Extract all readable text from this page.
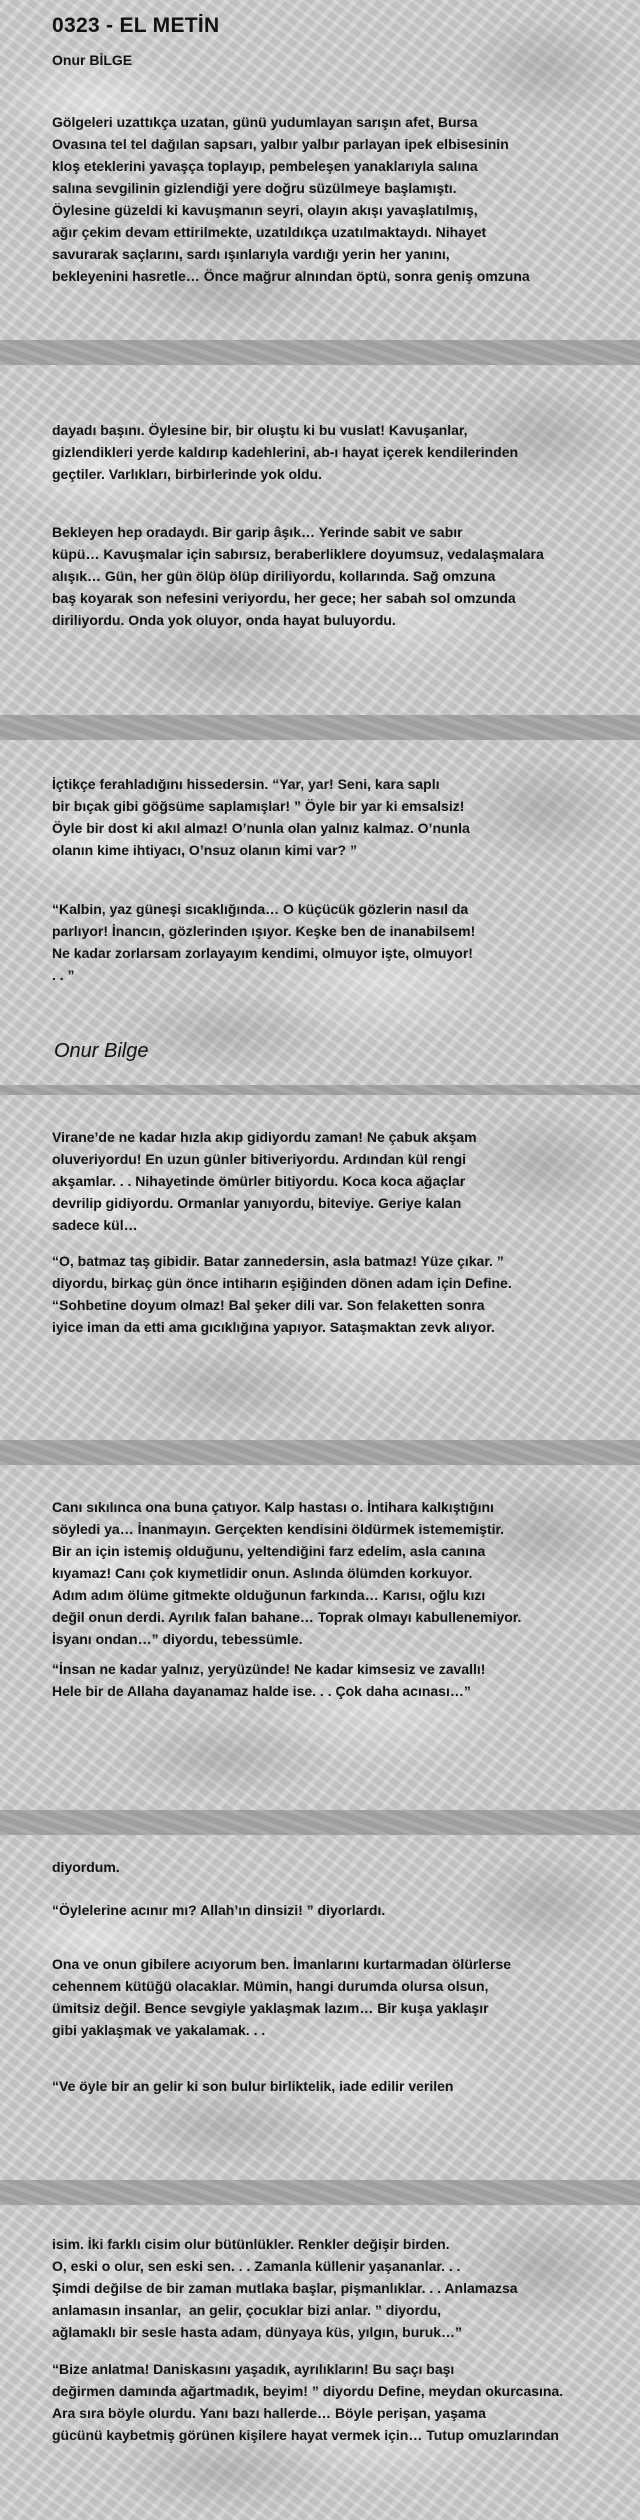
0323 - EL METİN
Onur BİLGE

Gölgeleri uzattıkça uzatan, günü yudumlayan sarışın afet, Bursa
Ovasına tel tel dağılan sapsarı, yalbır yalbır parlayan ipek elbisesinin
kloş eteklerini yavaşça toplayıp, pembeleşen yanaklarıyla salına
salına sevgilinin gizlendiği yere doğru süzülmeye başlamıştı.
Öylesine güzeldi ki kavuşmanın seyri, olayın akışı yavaşlatılmış,
ağır çekim devam ettirilmekte, uzatıldıkça uzatılmaktaydı. Nihayet
savurarak saçlarını, sardı ışınlarıyla vardığı yerin her yanını,
bekleyenini hasretle… Önce mağrur alnından öptü, sonra geniş omzuna

dayadı başını. Öylesine bir, bir oluştu ki bu vuslat! Kavuşanlar,
gizlendikleri yerde kaldırıp kadehlerini, ab-ı hayat içerek kendilerinden
geçtiler. Varlıkları, birbirlerinde yok oldu.

Bekleyen hep oradaydı. Bir garip âşık… Yerinde sabit ve sabır
küpü… Kavuşmalar için sabırsız, beraberliklere doyumsuz, vedalaşmalara
alışık… Gün, her gün ölüp ölüp diriliyordu, kollarında. Sağ omzuna
baş koyarak son nefesini veriyordu, her gece; her sabah sol omzunda
diriliyordu. Onda yok oluyor, onda hayat buluyordu.

İçtikçe ferahladığını hissedersin. “Yar, yar! Seni, kara saplı
bir bıçak gibi göğsüme saplamışlar! ” Öyle bir yar ki emsalsiz!
Öyle bir dost ki akıl almaz! O’nunla olan yalnız kalmaz. O’nunla
olanın kime ihtiyacı, O’nsuz olanın kimi var? ”

“Kalbin, yaz güneşi sıcaklığında… O küçücük gözlerin nasıl da
parlıyor! İnancın, gözlerinden ışıyor. Keşke ben de inanabilsem!
Ne kadar zorlarsam zorlayayım kendimi, olmuyor işte, olmuyor!
. . ”

Onur Bilge

Virane’de ne kadar hızla akıp gidiyordu zaman! Ne çabuk akşam
oluveriyordu! En uzun günler bitiveriyordu. Ardından kül rengi
akşamlar. . . Nihayetinde ömürler bitiyordu. Koca koca ağaçlar
devrilip gidiyordu. Ormanlar yanıyordu, biteviye. Geriye kalan
sadece kül…

“O, batmaz taş gibidir. Batar zannedersin, asla batmaz! Yüze çıkar. ”
diyordu, birkaç gün önce intiharın eşiğinden dönen adam için Define.
“Sohbetine doyum olmaz! Bal şeker dili var. Son felaketten sonra
iyice iman da etti ama gıcıklığına yapıyor. Sataşmaktan zevk alıyor.

Canı sıkılınca ona buna çatıyor. Kalp hastası o. İntihara kalkıştığını
söyledi ya… İnanmayın. Gerçekten kendisini öldürmek istememiştir.
Bir an için istemiş olduğunu, yeltendiğini farz edelim, asla canına
kıyamaz! Canı çok kıymetlidir onun. Aslında ölümden korkuyor.
Adım adım ölüme gitmekte olduğunun farkında… Karısı, oğlu kızı
değil onun derdi. Ayrılık falan bahane… Toprak olmayı kabullenemiyor.
İsyanı ondan…” diyordu, tebessümle.

“İnsan ne kadar yalnız, yeryüzünde! Ne kadar kimsesiz ve zavallı!
Hele bir de Allaha dayanamaz halde ise. . . Çok daha acınası…”

diyordum.

“Öylelerine acınır mı? Allah’ın dinsizi! ” diyorlardı.

Ona ve onun gibilere acıyorum ben. İmanlarını kurtarmadan ölürlerse
cehennem kütüğü olacaklar. Mümin, hangi durumda olursa olsun,
ümitsiz değil. Bence sevgiyle yaklaşmak lazım… Bir kuşa yaklaşır
gibi yaklaşmak ve yakalamak. . .

“Ve öyle bir an gelir ki son bulur birliktelik, iade edilir verilen

isim. İki farklı cisim olur bütünlükler. Renkler değişir birden.
O, eski o olur, sen eski sen. . . Zamanla küllenir yaşananlar. . .
Şimdi değilse de bir zaman mutlaka başlar, pişmanlıklar. . . Anlamazsa
anlamasın insanlar,  an gelir, çocuklar bizi anlar. ” diyordu,
ağlamaklı bir sesle hasta adam, dünyaya küs, yılgın, buruk…”

“Bize anlatma! Daniskasını yaşadık, ayrılıkların! Bu saçı başı
değirmen damında ağartmadık, beyim! ” diyordu Define, meydan okurcasına.
Ara sıra böyle olurdu. Yanı bazı hallerde… Böyle perişan, yaşama
gücünü kaybetmiş görünen kişilere hayat vermek için… Tutup omuzlarından
